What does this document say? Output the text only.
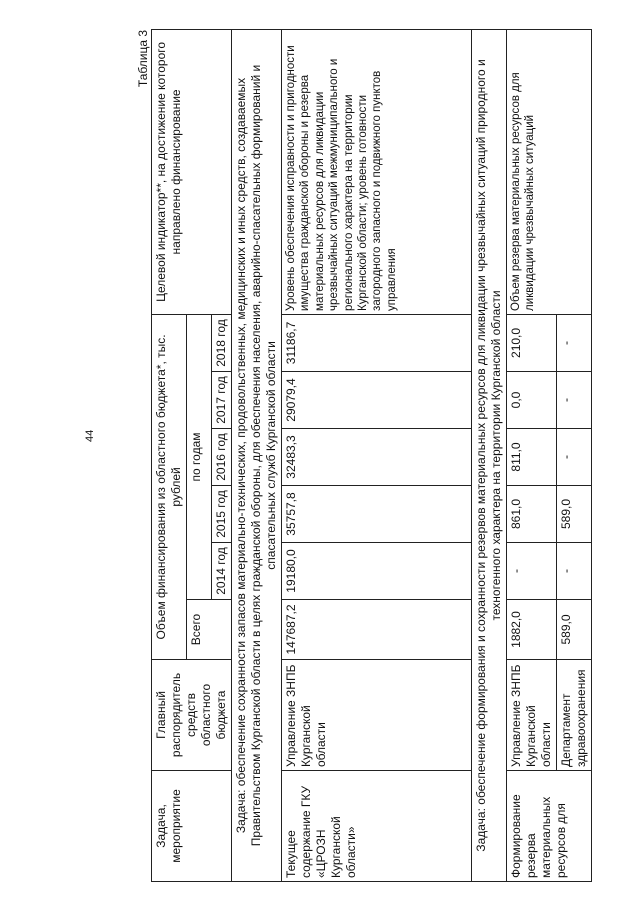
44
Таблица 3
Задача, мероприятие	Главный распорядитель средств областного бюджета	Объем финансирования из областного бюджета*, тыс. рублей						Целевой индикатор**, на достижение которого направлено финансирование
		Всего	по годам					
			2014 год	2015 год	2016 год	2017 год	2018 год	
Задача: обеспечение сохранности запасов материально-технических, продовольственных, медицинских и иных средств, создаваемых Правительством Курганской области в целях гражданской обороны, для обеспечения населения, аварийно-спасательных формирований и спасательных служб Курганской области								
Текущее содержание ГКУ «ЦРОЗН Курганской области»	Управление ЗНПБ Курганской области	147687,2	19180,0	35757,8	32483,3	29079,4	31186,7	Уровень обеспечения исправности и пригодности имущества гражданской обороны и резерва материальных ресурсов для ликвидации чрезвычайных ситуаций межмуниципального и регионального характера на территории Курганской области; уровень готовности загородного запасного и подвижного пунктов управления
Задача: обеспечение формирования и сохранности резервов материальных ресурсов для ликвидации чрезвычайных ситуаций природного и техногенного характера на территории Курганской области								
Формирование резерва материальных ресурсов для	Управление ЗНПБ Курганской области	1882,0	-	861,0	811,0	0,0	210,0	Объем резерва материальных ресурсов для ликвидации чрезвычайных ситуаций
	Департамент здравоохранения	589,0	-	589,0	-	-	-	
